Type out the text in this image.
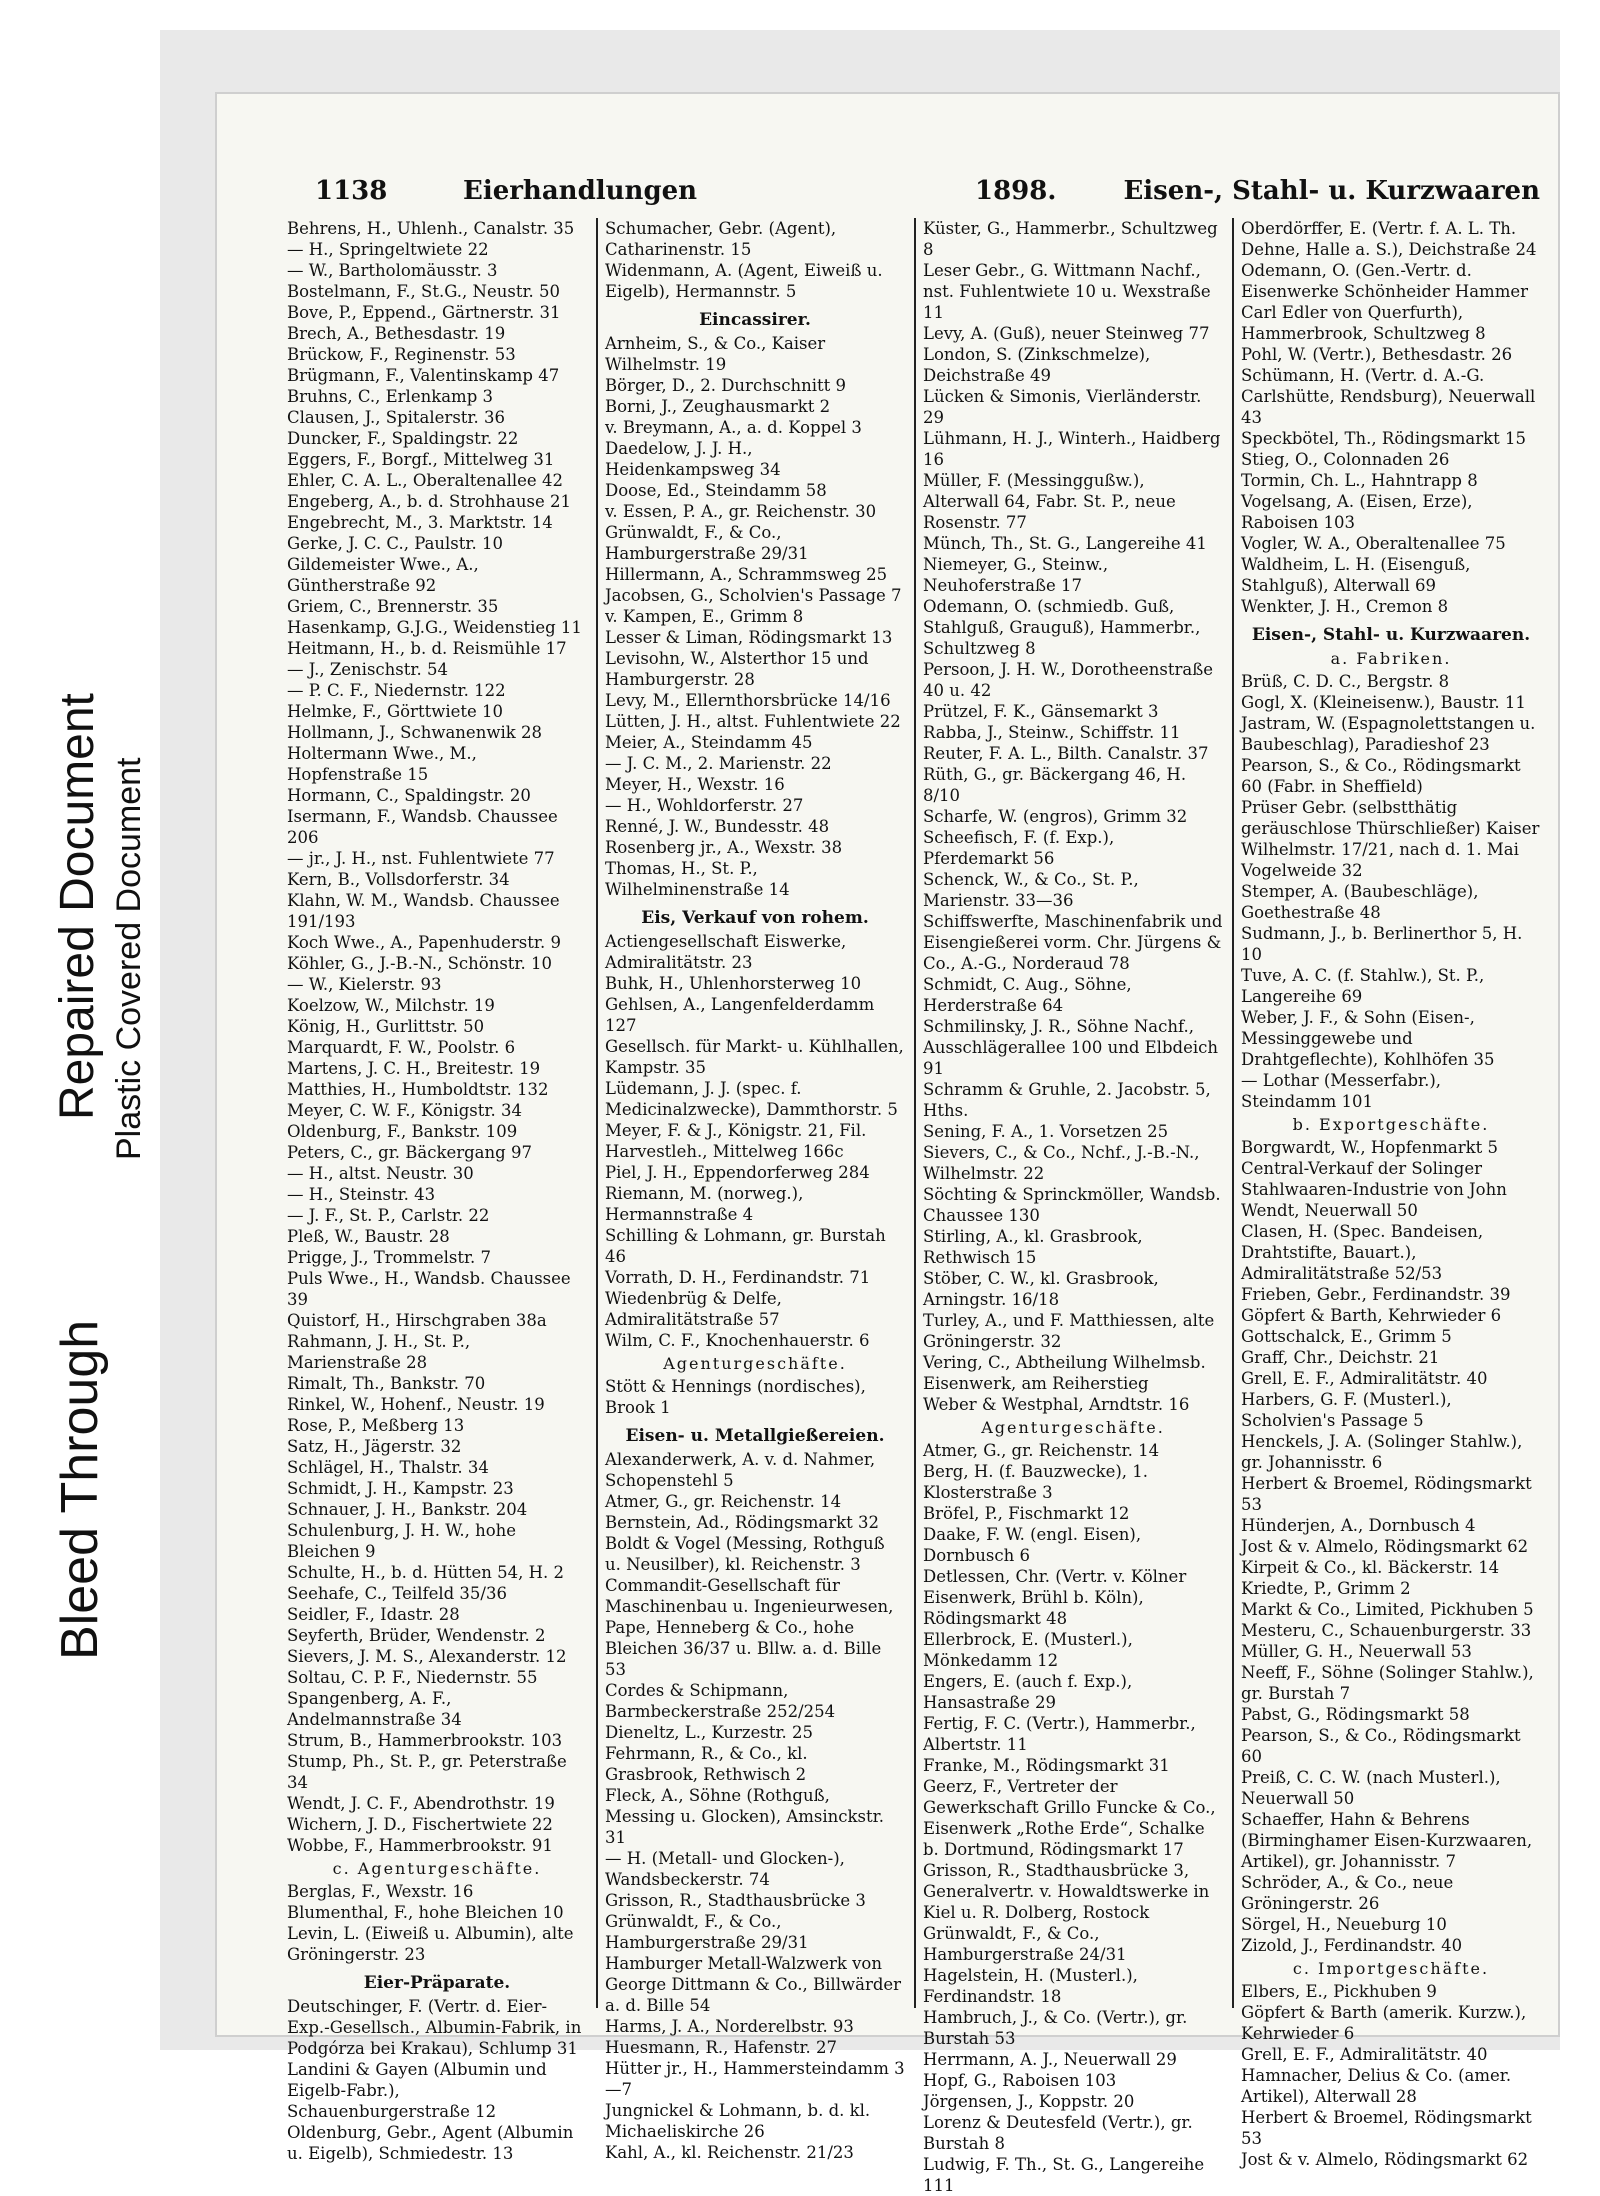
Bleed Through
Repaired Document Plastic Covered Document
1138	Eierhandlungen	1898.	Eisen-, Stahl- u. Kurzwaaren
Behrens, H., Uhlenh., Canalstr. 35
— H., Springeltwiete 22
— W., Bartholomäusstr. 3
Bostelmann, F., St.G., Neustr. 50
Bove, P., Eppend., Gärtnerstr. 31
Brech, A., Bethesdastr. 19
Brückow, F., Reginenstr. 53
Brügmann, F., Valentinskamp 47
Bruhns, C., Erlenkamp 3
Clausen, J., Spitalerstr. 36
Duncker, F., Spaldingstr. 22
Eggers, F., Borgf., Mittelweg 31
Ehler, C. A. L., Oberaltenallee 42
Engeberg, A., b. d. Strohhause 21
Engebrecht, M., 3. Marktstr. 14
Gerke, J. C. C., Paulstr. 10
Gildemeister Wwe., A., Güntherstraße 92
Griem, C., Brennerstr. 35
Hasenkamp, G.J.G., Weidenstieg 11
Heitmann, H., b. d. Reismühle 17
— J., Zenischstr. 54
— P. C. F., Niedernstr. 122
Helmke, F., Görttwiete 10
Hollmann, J., Schwanenwik 28
Holtermann Wwe., M., Hopfenstraße 15
Hormann, C., Spaldingstr. 20
Isermann, F., Wandsb. Chaussee 206
— jr., J. H., nst. Fuhlentwiete 77
Kern, B., Vollsdorferstr. 34
Klahn, W. M., Wandsb. Chaussee 191/193
Koch Wwe., A., Papenhuderstr. 9
Köhler, G., J.-B.-N., Schönstr. 10
— W., Kielerstr. 93
Koelzow, W., Milchstr. 19
König, H., Gurlittstr. 50
Marquardt, F. W., Poolstr. 6
Martens, J. C. H., Breitestr. 19
Matthies, H., Humboldtstr. 132
Meyer, C. W. F., Königstr. 34
Oldenburg, F., Bankstr. 109
Peters, C., gr. Bäckergang 97
— H., altst. Neustr. 30
— H., Steinstr. 43
— J. F., St. P., Carlstr. 22
Pleß, W., Baustr. 28
Prigge, J., Trommelstr. 7
Puls Wwe., H., Wandsb. Chaussee 39
Quistorf, H., Hirschgraben 38a
Rahmann, J. H., St. P., Marienstraße 28
Rimalt, Th., Bankstr. 70
Rinkel, W., Hohenf., Neustr. 19
Rose, P., Meßberg 13
Satz, H., Jägerstr. 32
Schlägel, H., Thalstr. 34
Schmidt, J. H., Kampstr. 23
Schnauer, J. H., Bankstr. 204
Schulenburg, J. H. W., hohe Bleichen 9
Schulte, H., b. d. Hütten 54, H. 2
Seehafe, C., Teilfeld 35/36
Seidler, F., Idastr. 28
Seyferth, Brüder, Wendenstr. 2
Sievers, J. M. S., Alexanderstr. 12
Soltau, C. P. F., Niedernstr. 55
Spangenberg, A. F., Andelmannstraße 34
Strum, B., Hammerbrookstr. 103
Stump, Ph., St. P., gr. Peterstraße 34
Wendt, J. C. F., Abendrothstr. 19
Wichern, J. D., Fischertwiete 22
Wobbe, F., Hammerbrookstr. 91
c. Agenturgeschäfte.
Berglas, F., Wexstr. 16
Blumenthal, F., hohe Bleichen 10
Levin, L. (Eiweiß u. Albumin), alte Gröningerstr. 23
Eier-Präparate.
Deutschinger, F. (Vertr. d. Eier-Exp.-Gesellsch., Albumin-Fabrik, in Podgórza bei Krakau), Schlump 31
Landini & Gayen (Albumin und Eigelb-Fabr.), Schauenburgerstraße 12
Oldenburg, Gebr., Agent (Albumin u. Eigelb), Schmiedestr. 13
Schumacher, Gebr. (Agent), Catharinenstr. 15
Widenmann, A. (Agent, Eiweiß u. Eigelb), Hermannstr. 5
Eincassirer.
Arnheim, S., & Co., Kaiser Wilhelmstr. 19
Börger, D., 2. Durchschnitt 9
Borni, J., Zeughausmarkt 2
v. Breymann, A., a. d. Koppel 3
Daedelow, J. J. H., Heidenkampsweg 34
Doose, Ed., Steindamm 58
v. Essen, P. A., gr. Reichenstr. 30
Grünwaldt, F., & Co., Hamburgerstraße 29/31
Hillermann, A., Schrammsweg 25
Jacobsen, G., Scholvien's Passage 7
v. Kampen, E., Grimm 8
Lesser & Liman, Rödingsmarkt 13
Levisohn, W., Alsterthor 15 und Hamburgerstr. 28
Levy, M., Ellernthorsbrücke 14/16
Lütten, J. H., altst. Fuhlentwiete 22
Meier, A., Steindamm 45
— J. C. M., 2. Marienstr. 22
Meyer, H., Wexstr. 16
— H., Wohldorferstr. 27
Renné, J. W., Bundesstr. 48
Rosenberg jr., A., Wexstr. 38
Thomas, H., St. P., Wilhelminenstraße 14
Eis, Verkauf von rohem.
Actiengesellschaft Eiswerke, Admiralitätstr. 23
Buhk, H., Uhlenhorsterweg 10
Gehlsen, A., Langenfelderdamm 127
Gesellsch. für Markt- u. Kühlhallen, Kampstr. 35
Lüdemann, J. J. (spec. f. Medicinalzwecke), Dammthorstr. 5
Meyer, F. & J., Königstr. 21, Fil. Harvestleh., Mittelweg 166c
Piel, J. H., Eppendorferweg 284
Riemann, M. (norweg.), Hermannstraße 4
Schilling & Lohmann, gr. Burstah 46
Vorrath, D. H., Ferdinandstr. 71
Wiedenbrüg & Delfe, Admiralitätstraße 57
Wilm, C. F., Knochenhauerstr. 6
Agenturgeschäfte.
Stött & Hennings (nordisches), Brook 1
Eisen- u. Metallgießereien.
Alexanderwerk, A. v. d. Nahmer, Schopenstehl 5
Atmer, G., gr. Reichenstr. 14
Bernstein, Ad., Rödingsmarkt 32
Boldt & Vogel (Messing, Rothguß u. Neusilber), kl. Reichenstr. 3
Commandit-Gesellschaft für Maschinenbau u. Ingenieurwesen, Pape, Henneberg & Co., hohe Bleichen 36/37 u. Bllw. a. d. Bille 53
Cordes & Schipmann, Barmbeckerstraße 252/254
Dieneltz, L., Kurzestr. 25
Fehrmann, R., & Co., kl. Grasbrook, Rethwisch 2
Fleck, A., Söhne (Rothguß, Messing u. Glocken), Amsinckstr. 31
— H. (Metall- und Glocken-), Wandsbeckerstr. 74
Grisson, R., Stadthausbrücke 3
Grünwaldt, F., & Co., Hamburgerstraße 29/31
Hamburger Metall-Walzwerk von George Dittmann & Co., Billwärder a. d. Bille 54
Harms, J. A., Norderelbstr. 93
Huesmann, R., Hafenstr. 27
Hütter jr., H., Hammersteindamm 3—7
Jungnickel & Lohmann, b. d. kl. Michaeliskirche 26
Kahl, A., kl. Reichenstr. 21/23
Küster, G., Hammerbr., Schultzweg 8
Leser Gebr., G. Wittmann Nachf., nst. Fuhlentwiete 10 u. Wexstraße 11
Levy, A. (Guß), neuer Steinweg 77
London, S. (Zinkschmelze), Deichstraße 49
Lücken & Simonis, Vierländerstr. 29
Lühmann, H. J., Winterh., Haidberg 16
Müller, F. (Messinggußw.), Alterwall 64, Fabr. St. P., neue Rosenstr. 77
Münch, Th., St. G., Langereihe 41
Niemeyer, G., Steinw., Neuhoferstraße 17
Odemann, O. (schmiedb. Guß, Stahlguß, Grauguß), Hammerbr., Schultzweg 8
Persoon, J. H. W., Dorotheenstraße 40 u. 42
Prützel, F. K., Gänsemarkt 3
Rabba, J., Steinw., Schiffstr. 11
Reuter, F. A. L., Bilth. Canalstr. 37
Rüth, G., gr. Bäckergang 46, H. 8/10
Scharfe, W. (engros), Grimm 32
Scheefisch, F. (f. Exp.), Pferdemarkt 56
Schenck, W., & Co., St. P., Marienstr. 33—36
Schiffswerfte, Maschinenfabrik und Eisengießerei vorm. Chr. Jürgens & Co., A.-G., Norderaud 78
Schmidt, C. Aug., Söhne, Herderstraße 64
Schmilinsky, J. R., Söhne Nachf., Ausschlägerallee 100 und Elbdeich 91
Schramm & Gruhle, 2. Jacobstr. 5, Hths.
Sening, F. A., 1. Vorsetzen 25
Sievers, C., & Co., Nchf., J.-B.-N., Wilhelmstr. 22
Söchting & Sprinckmöller, Wandsb. Chaussee 130
Stirling, A., kl. Grasbrook, Rethwisch 15
Stöber, C. W., kl. Grasbrook, Arningstr. 16/18
Turley, A., und F. Matthiessen, alte Gröningerstr. 32
Vering, C., Abtheilung Wilhelmsb. Eisenwerk, am Reiherstieg
Weber & Westphal, Arndtstr. 16
Agenturgeschäfte.
Atmer, G., gr. Reichenstr. 14
Berg, H. (f. Bauzwecke), 1. Klosterstraße 3
Bröfel, P., Fischmarkt 12
Daake, F. W. (engl. Eisen), Dornbusch 6
Detlessen, Chr. (Vertr. v. Kölner Eisenwerk, Brühl b. Köln), Rödingsmarkt 48
Ellerbrock, E. (Musterl.), Mönkedamm 12
Engers, E. (auch f. Exp.), Hansastraße 29
Fertig, F. C. (Vertr.), Hammerbr., Albertstr. 11
Franke, M., Rödingsmarkt 31
Geerz, F., Vertreter der Gewerkschaft Grillo Funcke & Co., Eisenwerk „Rothe Erde“, Schalke b. Dortmund, Rödingsmarkt 17
Grisson, R., Stadthausbrücke 3, Generalvertr. v. Howaldtswerke in Kiel u. R. Dolberg, Rostock
Grünwaldt, F., & Co., Hamburgerstraße 24/31
Hagelstein, H. (Musterl.), Ferdinandstr. 18
Hambruch, J., & Co. (Vertr.), gr. Burstah 53
Herrmann, A. J., Neuerwall 29
Hopf, G., Raboisen 103
Jörgensen, J., Koppstr. 20
Lorenz & Deutesfeld (Vertr.), gr. Burstah 8
Ludwig, F. Th., St. G., Langereihe 111
Oberdörffer, E. (Vertr. f. A. L. Th. Dehne, Halle a. S.), Deichstraße 24
Odemann, O. (Gen.-Vertr. d. Eisenwerke Schönheider Hammer Carl Edler von Querfurth), Hammerbrook, Schultzweg 8
Pohl, W. (Vertr.), Bethesdastr. 26
Schümann, H. (Vertr. d. A.-G. Carlshütte, Rendsburg), Neuerwall 43
Speckbötel, Th., Rödingsmarkt 15
Stieg, O., Colonnaden 26
Tormin, Ch. L., Hahntrapp 8
Vogelsang, A. (Eisen, Erze), Raboisen 103
Vogler, W. A., Oberaltenallee 75
Waldheim, L. H. (Eisenguß, Stahlguß), Alterwall 69
Wenkter, J. H., Cremon 8
Eisen-, Stahl- u. Kurzwaaren.
a. Fabriken.
Brüß, C. D. C., Bergstr. 8
Gogl, X. (Kleineisenw.), Baustr. 11
Jastram, W. (Espagnolettstangen u. Baubeschlag), Paradieshof 23
Pearson, S., & Co., Rödingsmarkt 60 (Fabr. in Sheffield)
Prüser Gebr. (selbstthätig geräuschlose Thürschließer) Kaiser Wilhelmstr. 17/21, nach d. 1. Mai Vogelweide 32
Stemper, A. (Baubeschläge), Goethestraße 48
Sudmann, J., b. Berlinerthor 5, H. 10
Tuve, A. C. (f. Stahlw.), St. P., Langereihe 69
Weber, J. F., & Sohn (Eisen-, Messinggewebe und Drahtgeflechte), Kohlhöfen 35
— Lothar (Messerfabr.), Steindamm 101
b. Exportgeschäfte.
Borgwardt, W., Hopfenmarkt 5
Central-Verkauf der Solinger Stahlwaaren-Industrie von John Wendt, Neuerwall 50
Clasen, H. (Spec. Bandeisen, Drahtstifte, Bauart.), Admiralitätstraße 52/53
Frieben, Gebr., Ferdinandstr. 39
Göpfert & Barth, Kehrwieder 6
Gottschalck, E., Grimm 5
Graff, Chr., Deichstr. 21
Grell, E. F., Admiralitätstr. 40
Harbers, G. F. (Musterl.), Scholvien's Passage 5
Henckels, J. A. (Solinger Stahlw.), gr. Johannisstr. 6
Herbert & Broemel, Rödingsmarkt 53
Hünderjen, A., Dornbusch 4
Jost & v. Almelo, Rödingsmarkt 62
Kirpeit & Co., kl. Bäckerstr. 14
Kriedte, P., Grimm 2
Markt & Co., Limited, Pickhuben 5
Mesteru, C., Schauenburgerstr. 33
Müller, G. H., Neuerwall 53
Neeff, F., Söhne (Solinger Stahlw.), gr. Burstah 7
Pabst, G., Rödingsmarkt 58
Pearson, S., & Co., Rödingsmarkt 60
Preiß, C. C. W. (nach Musterl.), Neuerwall 50
Schaeffer, Hahn & Behrens (Birminghamer Eisen-Kurzwaaren, Artikel), gr. Johannisstr. 7
Schröder, A., & Co., neue Gröningerstr. 26
Sörgel, H., Neueburg 10
Zizold, J., Ferdinandstr. 40
c. Importgeschäfte.
Elbers, E., Pickhuben 9
Göpfert & Barth (amerik. Kurzw.), Kehrwieder 6
Grell, E. F., Admiralitätstr. 40
Hamnacher, Delius & Co. (amer. Artikel), Alterwall 28
Herbert & Broemel, Rödingsmarkt 53
Jost & v. Almelo, Rödingsmarkt 62
